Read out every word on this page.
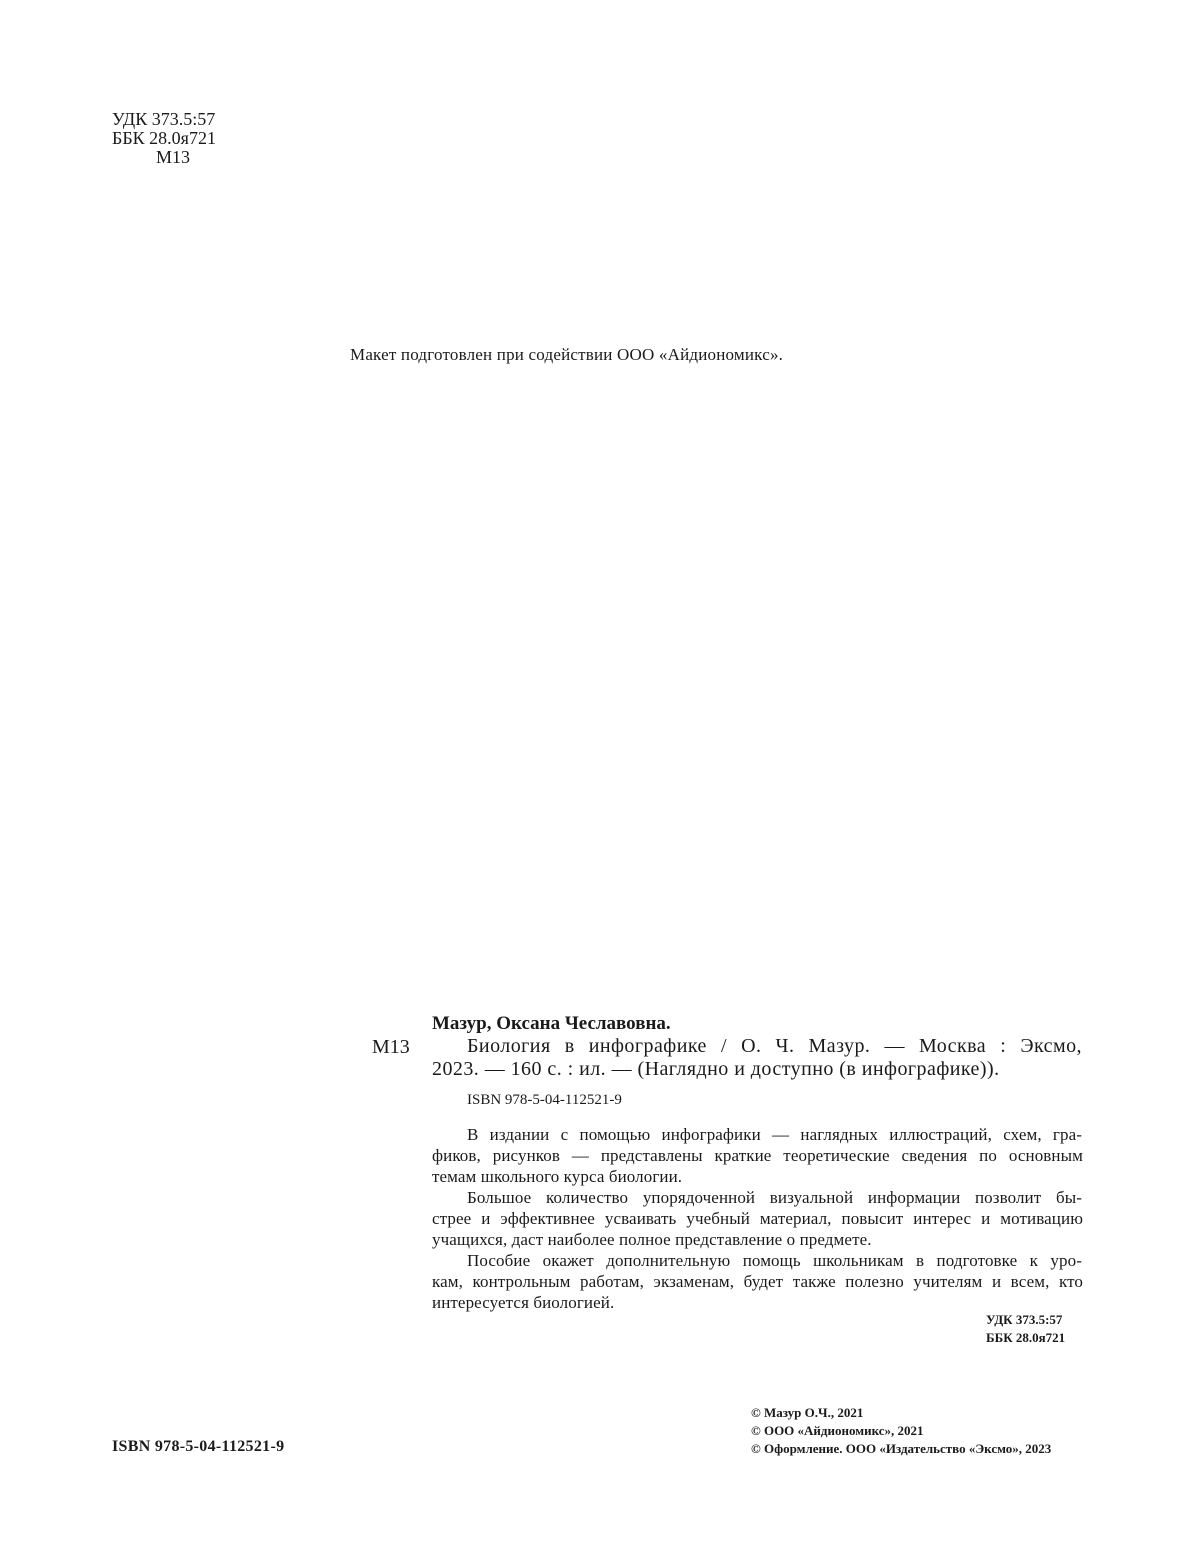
УДК 373.5:57
ББК 28.0я721
М13
Макет подготовлен при содействии ООО «Айдиономикс».
Мазур, Оксана Чеславовна.
М13	Биология в инфографике / О. Ч. Мазур. — Москва : Эксмо,
2023. — 160 с. : ил. — (Наглядно и доступно (в инфографике)).
ISBN 978-5-04-112521-9
В издании с помощью инфографики — наглядных иллюстраций, схем, гра-
фиков, рисунков — представлены краткие теоретические сведения по основным
темам школьного курса биологии.
Большое количество упорядоченной визуальной информации позволит бы-
стрее и эффективнее усваивать учебный материал, повысит интерес и мотивацию
учащихся, даст наиболее полное представление о предмете.
Пособие окажет дополнительную помощь школьникам в подготовке к уро-
кам, контрольным работам, экзаменам, будет также полезно учителям и всем, кто
интересуется биологией.
УДК 373.5:57
ББК 28.0я721
ISBN 978-5-04-112521-9
© Мазур О.Ч., 2021
© ООО «Айдиономикс», 2021
© Оформление. ООО «Издательство «Эксмо», 2023
